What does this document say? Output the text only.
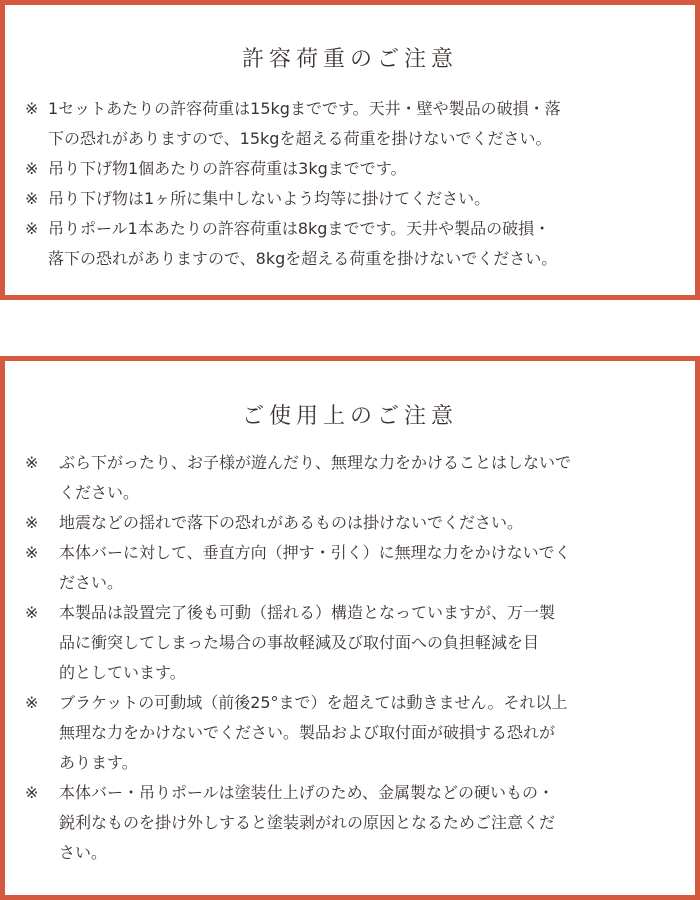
許容荷重のご注意
※ 1セットあたりの許容荷重は15kgまでです。天井・壁や製品の破損・落
下の恐れがありますので、15kgを超える荷重を掛けないでください。
※ 吊り下げ物1個あたりの許容荷重は3kgまでです。
※ 吊り下げ物は1ヶ所に集中しないよう均等に掛けてください。
※ 吊りポール1本あたりの許容荷重は8kgまでです。天井や製品の破損・
落下の恐れがありますので、8kgを超える荷重を掛けないでください。
ご使用上のご注意
※	ぶら下がったり、お子様が遊んだり、無理な力をかけることはしないで
ください。
※	地震などの揺れで落下の恐れがあるものは掛けないでください。
※	本体バーに対して、垂直方向（押す・引く）に無理な力をかけないでく
ださい。
※	本製品は設置完了後も可動（揺れる）構造となっていますが、万一製
品に衝突してしまった場合の事故軽減及び取付面への負担軽減を目
的としています。
※	ブラケットの可動域（前後25°まで）を超えては動きません。それ以上
無理な力をかけないでください。製品および取付面が破損する恐れが
あります。
※	本体バー・吊りポールは塗装仕上げのため、金属製などの硬いもの・
鋭利なものを掛け外しすると塗装剥がれの原因となるためご注意くだ
さい。
